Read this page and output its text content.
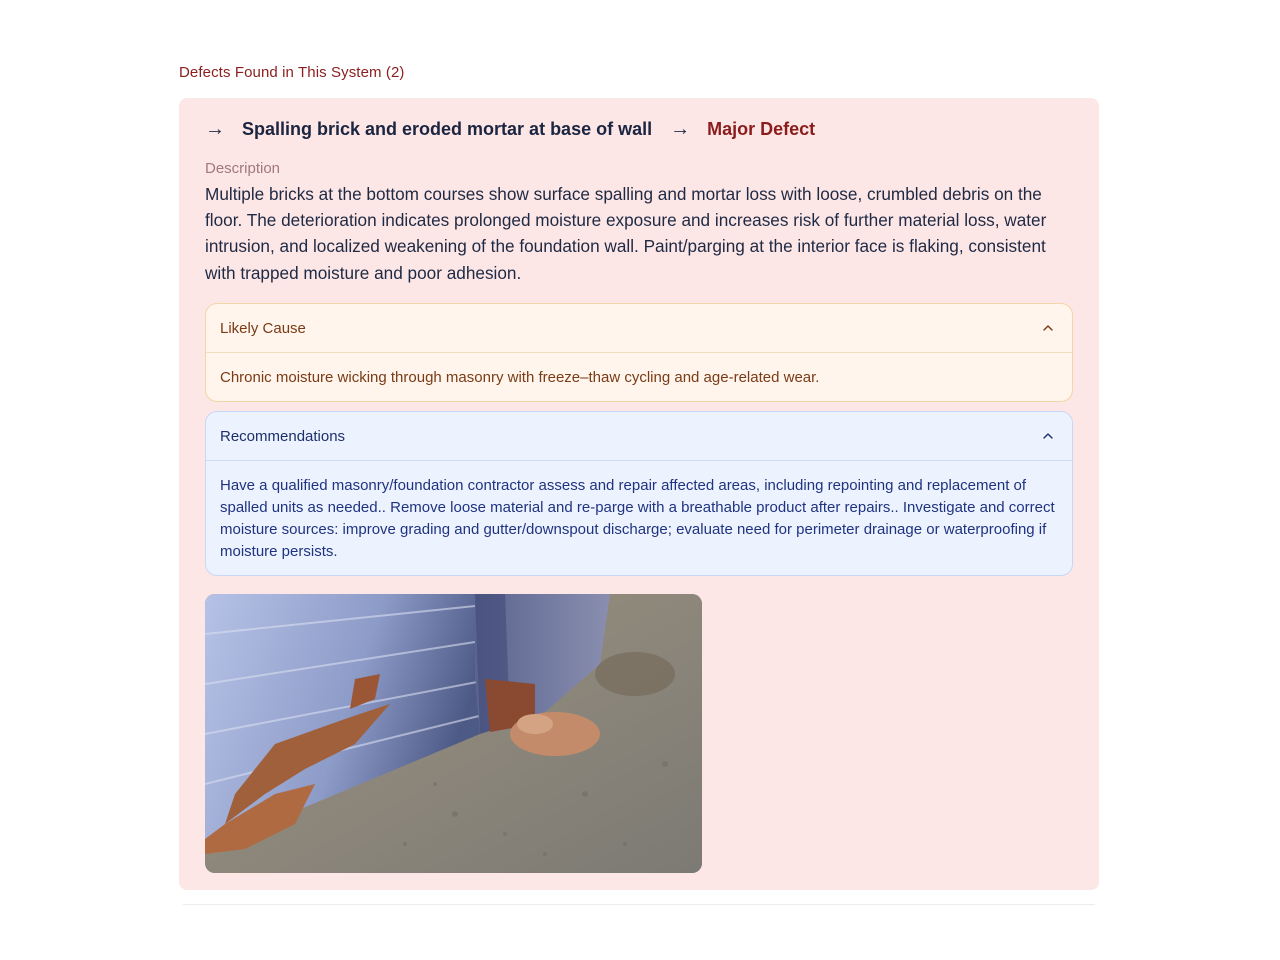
Defects Found in This System (2)
→ Spalling brick and eroded mortar at base of wall → Major Defect
Description
Multiple bricks at the bottom courses show surface spalling and mortar loss with loose, crumbled debris on the floor. The deterioration indicates prolonged moisture exposure and increases risk of further material loss, water intrusion, and localized weakening of the foundation wall. Paint/parging at the interior face is flaking, consistent with trapped moisture and poor adhesion.
Likely Cause
Chronic moisture wicking through masonry with freeze–thaw cycling and age-related wear.
Recommendations
Have a qualified masonry/foundation contractor assess and repair affected areas, including repointing and replacement of spalled units as needed.. Remove loose material and re-parge with a breathable product after repairs.. Investigate and correct moisture sources: improve grading and gutter/downspout discharge; evaluate need for perimeter drainage or waterproofing if moisture persists.
